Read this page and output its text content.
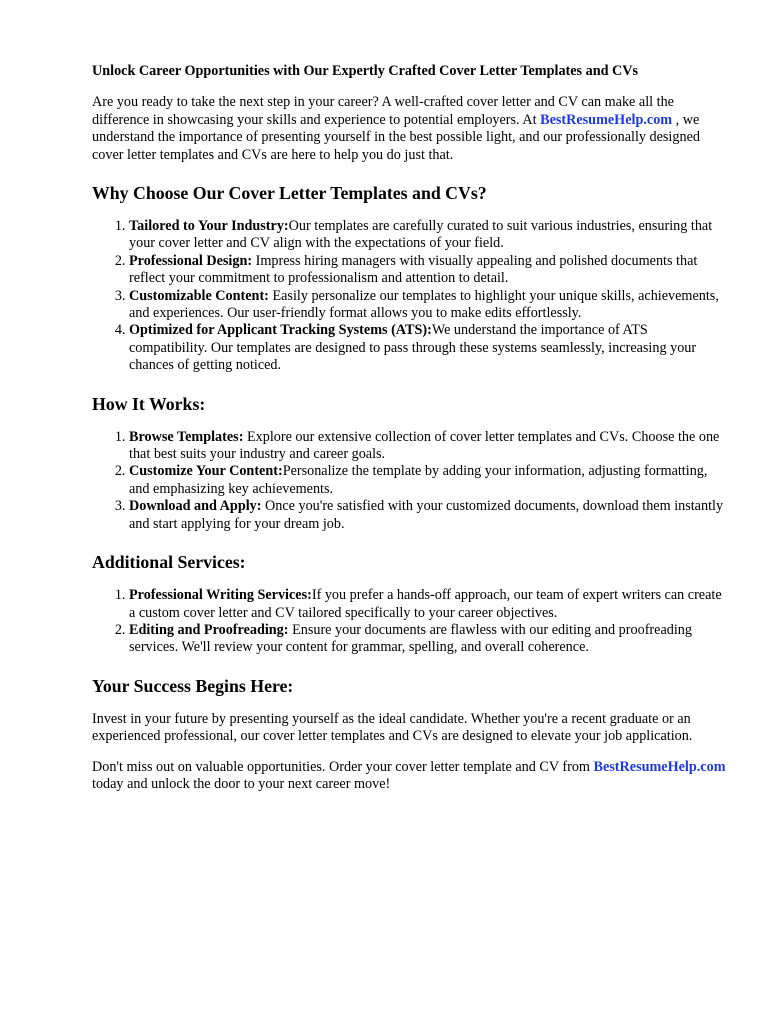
Unlock Career Opportunities with Our Expertly Crafted Cover Letter Templates and CVs

Are you ready to take the next step in your career? A well-crafted cover letter and CV can make all the difference in showcasing your skills and experience to potential employers. At BestResumeHelp.com , we understand the importance of presenting yourself in the best possible light, and our professionally designed cover letter templates and CVs are here to help you do just that.

Why Choose Our Cover Letter Templates and CVs?
1. Tailored to Your Industry:Our templates are carefully curated to suit various industries, ensuring that your cover letter and CV align with the expectations of your field.
2. Professional Design: Impress hiring managers with visually appealing and polished documents that reflect your commitment to professionalism and attention to detail.
3. Customizable Content: Easily personalize our templates to highlight your unique skills, achievements, and experiences. Our user-friendly format allows you to make edits effortlessly.
4. Optimized for Applicant Tracking Systems (ATS):We understand the importance of ATS compatibility. Our templates are designed to pass through these systems seamlessly, increasing your chances of getting noticed.
How It Works:
1. Browse Templates: Explore our extensive collection of cover letter templates and CVs. Choose the one that best suits your industry and career goals.
2. Customize Your Content:Personalize the template by adding your information, adjusting formatting, and emphasizing key achievements.
3. Download and Apply: Once you're satisfied with your customized documents, download them instantly and start applying for your dream job.
Additional Services:
1. Professional Writing Services:If you prefer a hands-off approach, our team of expert writers can create a custom cover letter and CV tailored specifically to your career objectives.
2. Editing and Proofreading: Ensure your documents are flawless with our editing and proofreading services. We'll review your content for grammar, spelling, and overall coherence.
Your Success Begins Here:

Invest in your future by presenting yourself as the ideal candidate. Whether you're a recent graduate or an experienced professional, our cover letter templates and CVs are designed to elevate your job application.

Don't miss out on valuable opportunities. Order your cover letter template and CV from BestResumeHelp.com today and unlock the door to your next career move!
